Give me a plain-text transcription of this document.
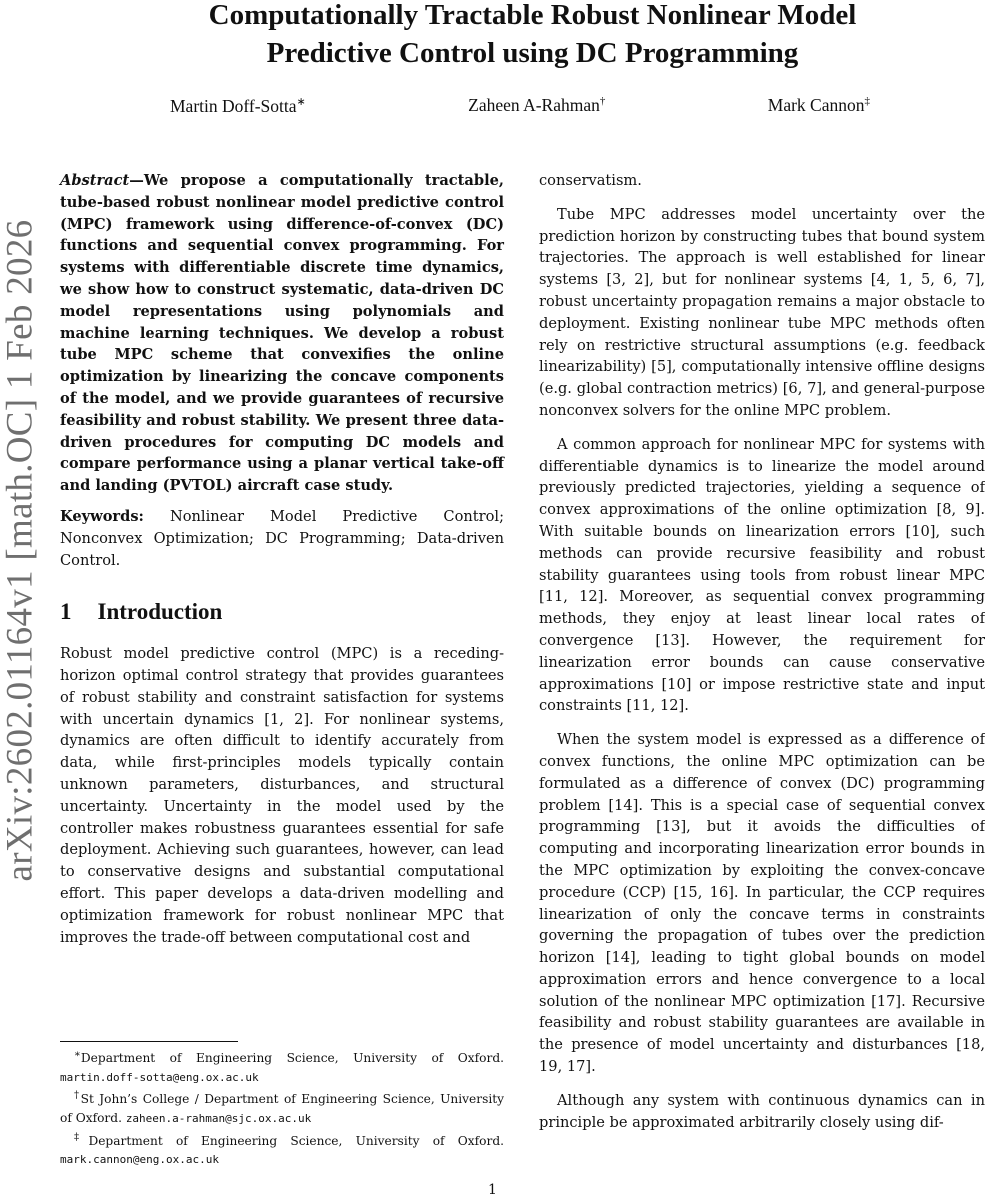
arXiv:2602.01164v1 [math.OC] 1 Feb 2026
Computationally Tractable Robust Nonlinear Model
Predictive Control using DC Programming
Martin Doff-Sotta∗	Zaheen A-Rahman†	Mark Cannon‡

Abstract—We propose a computationally tractable, tube-based robust nonlinear model predictive control (MPC) framework using difference-of-convex (DC) functions and sequential convex programming. For systems with differentiable discrete time dynamics, we show how to construct systematic, data-driven DC model representations using polynomials and machine learning techniques. We develop a robust tube MPC scheme that convexifies the online optimization by linearizing the concave components of the model, and we provide guarantees of recursive feasibility and robust stability. We present three data-driven procedures for computing DC models and compare performance using a planar vertical take-off and landing (PVTOL) aircraft case study.

Keywords: Nonlinear Model Predictive Control; Nonconvex Optimization; DC Programming; Data-driven Control.

1 Introduction

Robust model predictive control (MPC) is a receding-horizon optimal control strategy that provides guarantees of robust stability and constraint satisfaction for systems with uncertain dynamics [1, 2]. For nonlinear systems, dynamics are often difficult to identify accurately from data, while first-principles models typically contain unknown parameters, disturbances, and structural uncertainty. Uncertainty in the model used by the controller makes robustness guarantees essential for safe deployment. Achieving such guarantees, however, can lead to conservative designs and substantial computational effort. This paper develops a data-driven modelling and optimization framework for robust nonlinear MPC that improves the trade-off between computational cost and

conservatism.

Tube MPC addresses model uncertainty over the prediction horizon by constructing tubes that bound system trajectories. The approach is well established for linear systems [3, 2], but for nonlinear systems [4, 1, 5, 6, 7], robust uncertainty propagation remains a major obstacle to deployment. Existing nonlinear tube MPC methods often rely on restrictive structural assumptions (e.g. feedback linearizability) [5], computationally intensive offline designs (e.g. global contraction metrics) [6, 7], and general-purpose nonconvex solvers for the online MPC problem.

A common approach for nonlinear MPC for systems with differentiable dynamics is to linearize the model around previously predicted trajectories, yielding a sequence of convex approximations of the online optimization [8, 9]. With suitable bounds on linearization errors [10], such methods can provide recursive feasibility and robust stability guarantees using tools from robust linear MPC [11, 12]. Moreover, as sequential convex programming methods, they enjoy at least linear local rates of convergence [13]. However, the requirement for linearization error bounds can cause conservative approximations [10] or impose restrictive state and input constraints [11, 12].

When the system model is expressed as a difference of convex functions, the online MPC optimization can be formulated as a difference of convex (DC) programming problem [14]. This is a special case of sequential convex programming [13], but it avoids the difficulties of computing and incorporating linearization error bounds in the MPC optimization by exploiting the convex-concave procedure (CCP) [15, 16]. In particular, the CCP requires linearization of only the concave terms in constraints governing the propagation of tubes over the prediction horizon [14], leading to tight global bounds on model approximation errors and hence convergence to a local solution of the nonlinear MPC optimization [17]. Recursive feasibility and robust stability guarantees are available in the presence of model uncertainty and disturbances [18, 19, 17].

Although any system with continuous dynamics can in principle be approximated arbitrarily closely using dif-

∗Department of Engineering Science, University of Oxford. martin.doff-sotta@eng.ox.ac.uk

†St John’s College / Department of Engineering Science, University of Oxford. zaheen.a-rahman@sjc.ox.ac.uk

‡Department of Engineering Science, University of Oxford. mark.cannon@eng.ox.ac.uk

1
